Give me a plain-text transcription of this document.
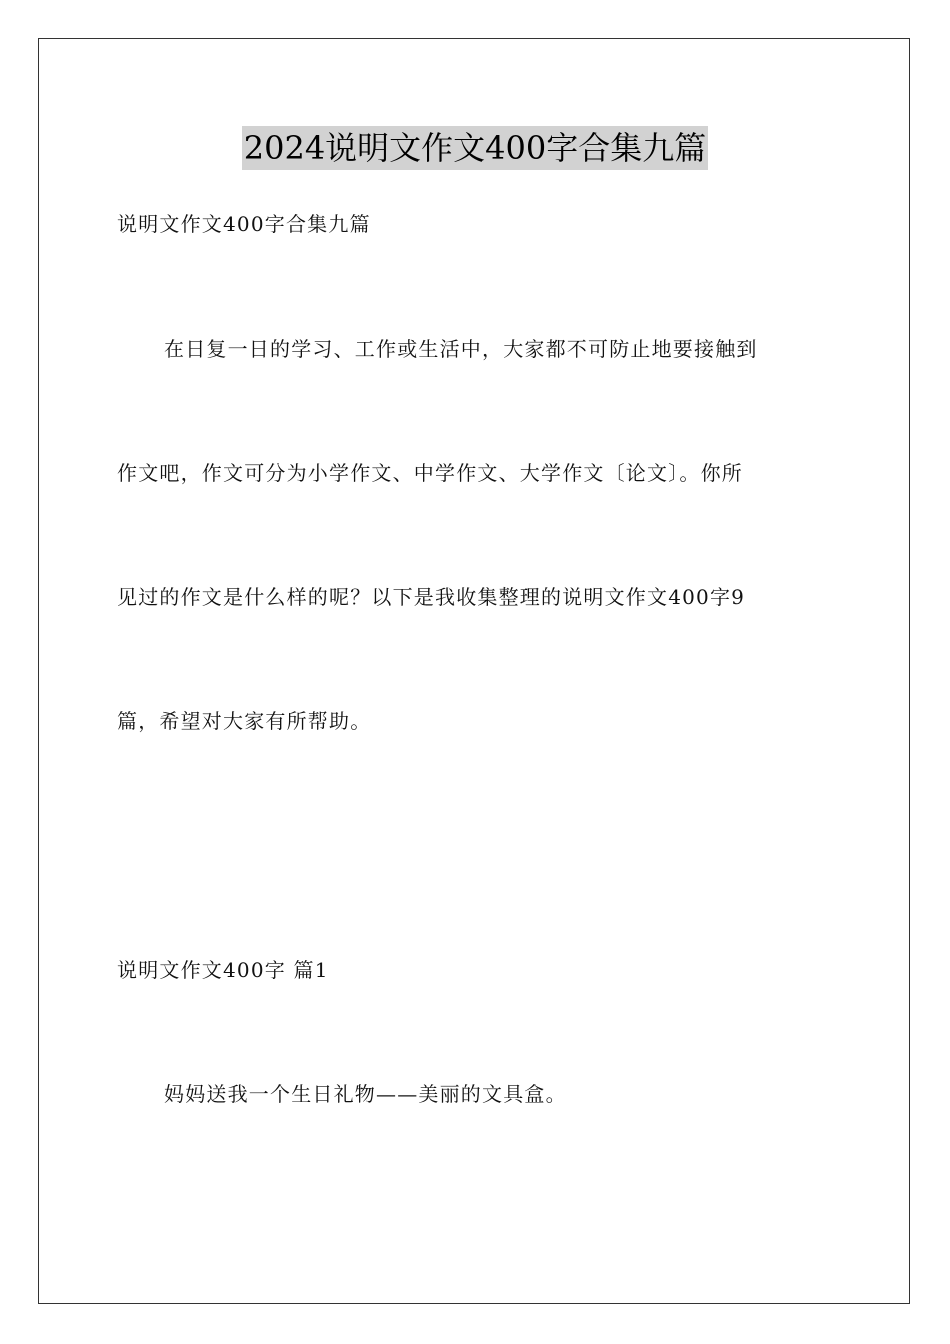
2024说明文作文400字合集九篇
说明文作文400字合集九篇
在日复一日的学习、工作或生活中，大家都不可防止地要接触到
作文吧，作文可分为小学作文、中学作文、大学作文〔论文〕。你所
见过的作文是什么样的呢？以下是我收集整理的说明文作文400字9
篇，希望对大家有所帮助。
说明文作文400字 篇1
妈妈送我一个生日礼物——美丽的文具盒。
